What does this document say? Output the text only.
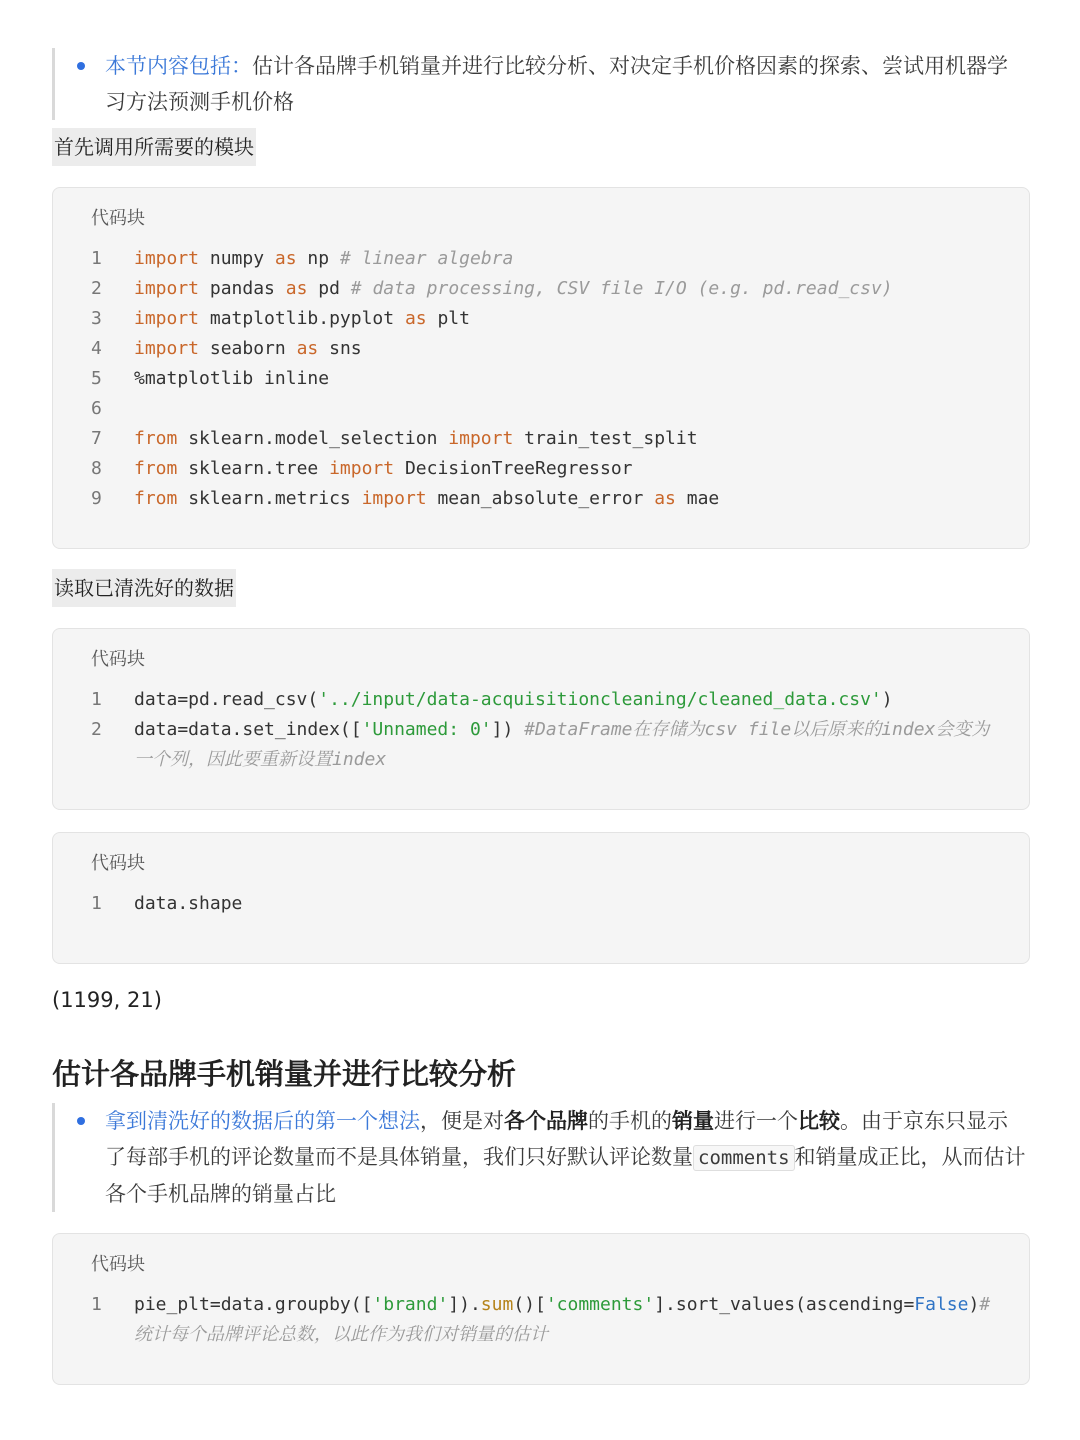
本节内容包括：估计各品牌手机销量并进行比较分析、对决定手机价格因素的探索、尝试用机器学习方法预测手机价格
首先调用所需要的模块
代码块
1	import numpy as np # linear algebra
2	import pandas as pd # data processing, CSV file I/O (e.g. pd.read_csv)
3	import matplotlib.pyplot as plt
4	import seaborn as sns
5	%matplotlib inline
6
7	from sklearn.model_selection import train_test_split
8	from sklearn.tree import DecisionTreeRegressor
9	from sklearn.metrics import mean_absolute_error as mae
读取已清洗好的数据
代码块
1	data=pd.read_csv('../input/data-acquisitioncleaning/cleaned_data.csv')
2	data=data.set_index(['Unnamed: 0']) #DataFrame在存储为csv file以后原来的index会变为一个列，因此要重新设置index
代码块
1	data.shape
(1199, 21)
估计各品牌手机销量并进行比较分析
拿到清洗好的数据后的第一个想法，便是对各个品牌的手机的销量进行一个比较。由于京东只显示了每部手机的评论数量而不是具体销量，我们只好默认评论数量 comments 和销量成正比，从而估计各个手机品牌的销量占比
代码块
1	pie_plt=data.groupby(['brand']).sum()['comments'].sort_values(ascending=False)#统计每个品牌评论总数，以此作为我们对销量的估计
